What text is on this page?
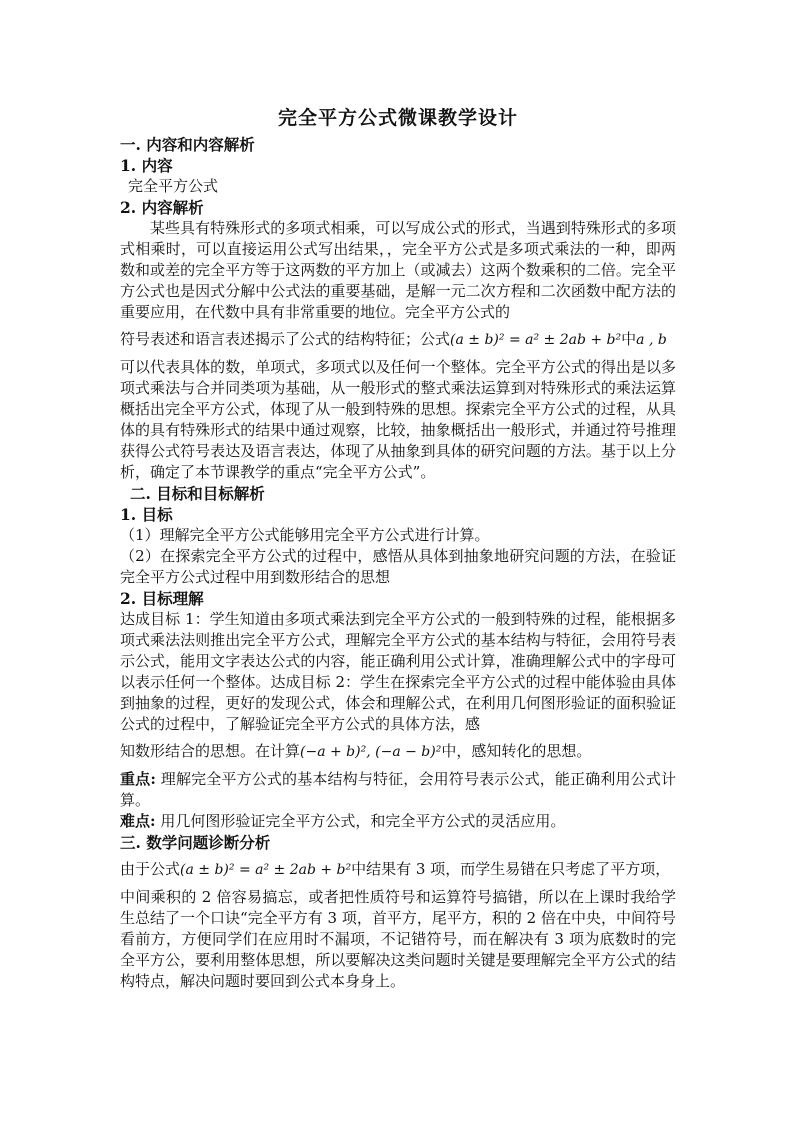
完全平方公式微课教学设计
一. 内容和内容解析
1. 内容
完全平方公式
2. 内容解析
某些具有特殊形式的多项式相乘，可以写成公式的形式，当遇到特殊形式的多项式相乘时，可以直接运用公式写出结果，，完全平方公式是多项式乘法的一种，即两数和或差的完全平方等于这两数的平方加上（或减去）这两个数乘积的二倍。完全平方公式也是因式分解中公式法的重要基础，是解一元二次方程和二次函数中配方法的重要应用，在代数中具有非常重要的地位。完全平方公式的
符号表述和语言表述揭示了公式的结构特征；公式(a ± b)² = a² ± 2ab + b²中a , b
可以代表具体的数，单项式，多项式以及任何一个整体。完全平方公式的得出是以多项式乘法与合并同类项为基础，从一般形式的整式乘法运算到对特殊形式的乘法运算概括出完全平方公式，体现了从一般到特殊的思想。探索完全平方公式的过程，从具体的具有特殊形式的结果中通过观察，比较，抽象概括出一般形式，并通过符号推理获得公式符号表达及语言表达，体现了从抽象到具体的研究问题的方法。基于以上分析，确定了本节课教学的重点“完全平方公式”。
二. 目标和目标解析
1. 目标
（1）理解完全平方公式能够用完全平方公式进行计算。
（2）在探索完全平方公式的过程中，感悟从具体到抽象地研究问题的方法，在验证完全平方公式过程中用到数形结合的思想
2. 目标理解
达成目标 1：学生知道由多项式乘法到完全平方公式的一般到特殊的过程，能根据多项式乘法法则推出完全平方公式，理解完全平方公式的基本结构与特征，会用符号表示公式，能用文字表达公式的内容，能正确利用公式计算，准确理解公式中的字母可以表示任何一个整体。达成目标 2：学生在探索完全平方公式的过程中能体验由具体到抽象的过程，更好的发现公式，体会和理解公式，在利用几何图形验证的面积验证公式的过程中，了解验证完全平方公式的具体方法，感
知数形结合的思想。在计算(−a + b)², (−a − b)²中，感知转化的思想。
重点: 理解完全平方公式的基本结构与特征，会用符号表示公式，能正确利用公式计算。
难点: 用几何图形验证完全平方公式，和完全平方公式的灵活应用。
三. 数学问题诊断分析
由于公式(a ± b)² = a² ± 2ab + b²中结果有 3 项，而学生易错在只考虑了平方项，
中间乘积的 2 倍容易搞忘，或者把性质符号和运算符号搞错，所以在上课时我给学生总结了一个口诀“完全平方有 3 项，首平方，尾平方，积的 2 倍在中央，中间符号看前方，方便同学们在应用时不漏项，不记错符号，而在解决有 3 项为底数时的完全平方公，要利用整体思想，所以要解决这类问题时关键是要理解完全平方公式的结构特点，解决问题时要回到公式本身身上。
